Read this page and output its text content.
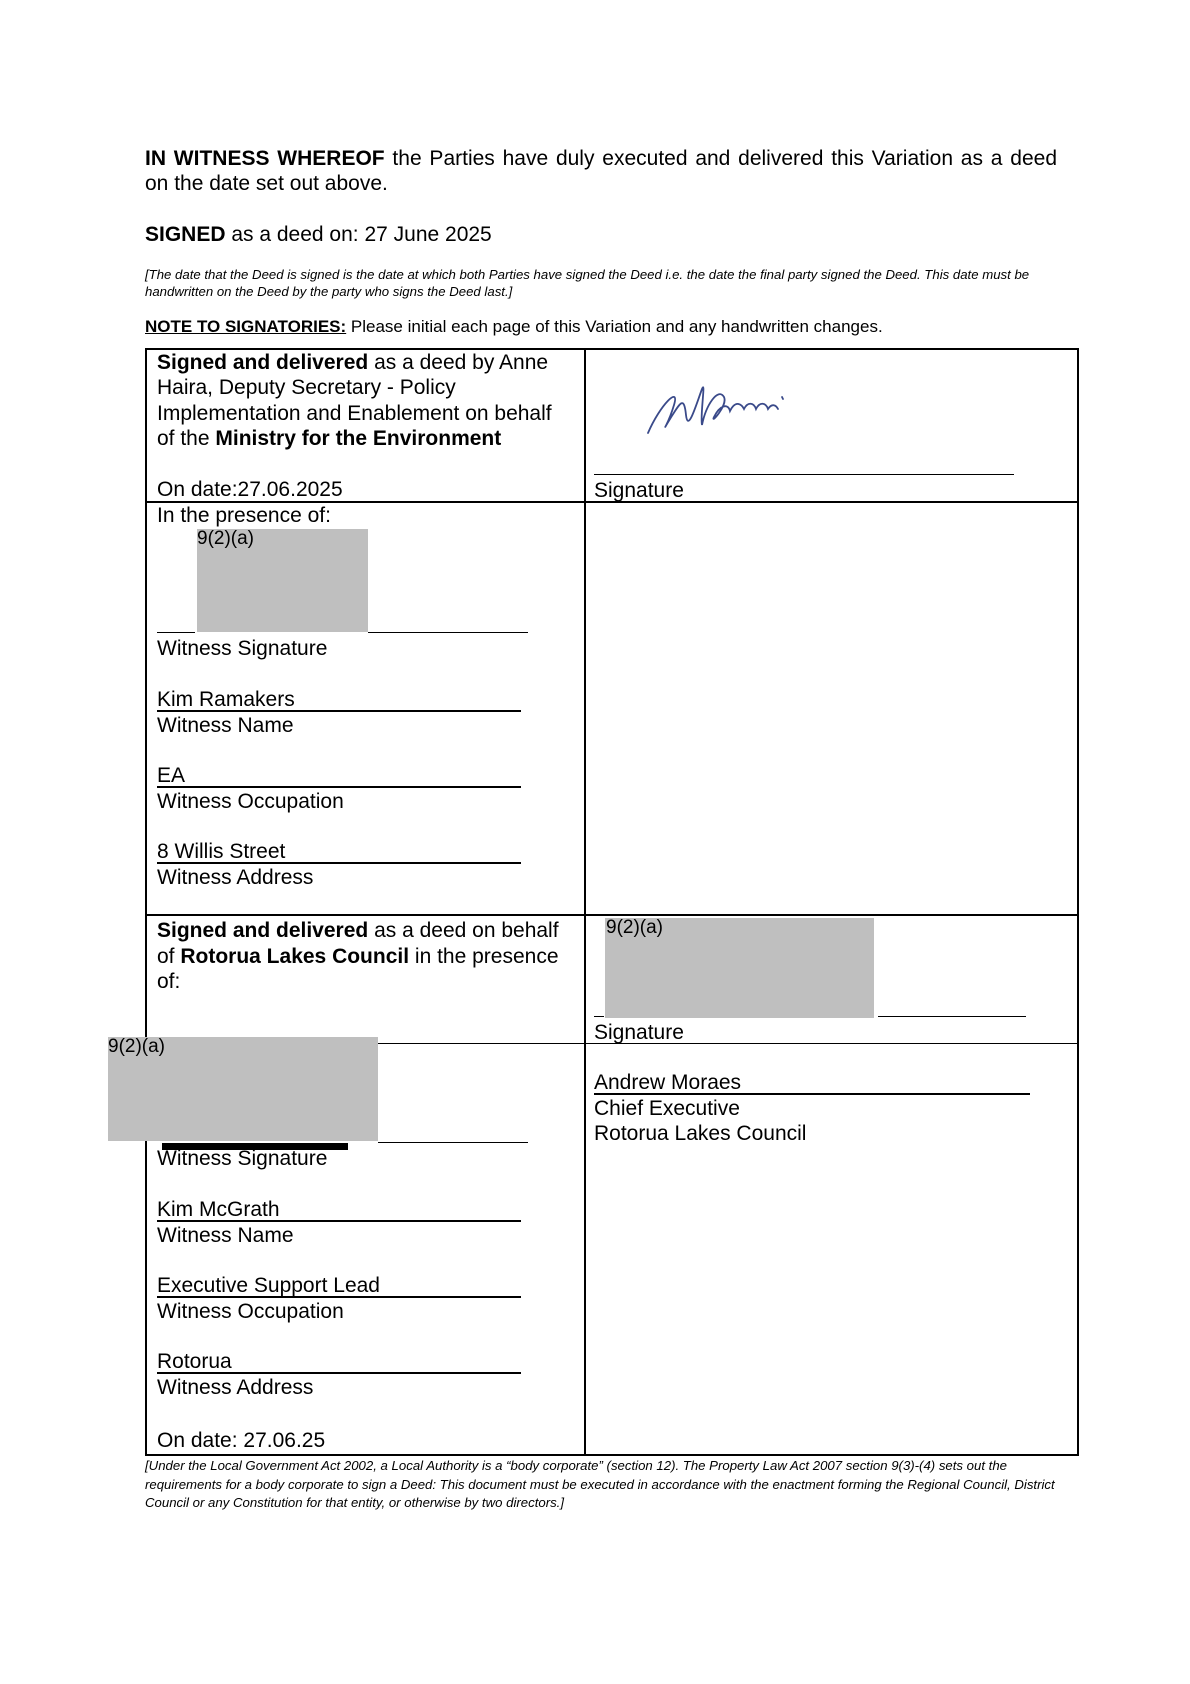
IN WITNESS WHEREOF the Parties have duly executed and delivered this Variation as a deed on the date set out above.
SIGNED as a deed on: 27 June 2025
[The date that the Deed is signed is the date at which both Parties have signed the Deed i.e. the date the final party signed the Deed. This date must be handwritten on the Deed by the party who signs the Deed last.]
NOTE TO SIGNATORIES: Please initial each page of this Variation and any handwritten changes.
Signed and delivered as a deed by Anne
Haira, Deputy Secretary - Policy
Implementation and Enablement on behalf
of the Ministry for the Environment
On date:27.06.2025	Signature
In the presence of:
9(2)(a)
Witness Signature
Kim Ramakers
Witness Name
EA
Witness Occupation
8 Willis Street
Witness Address
Signed and delivered as a deed on behalf
of Rotorua Lakes Council in the presence
of:
9(2)(a)
Signature
Andrew Moraes
Chief Executive
Rotorua Lakes Council
9(2)(a)
Witness Signature
Kim McGrath
Witness Name
Executive Support Lead
Witness Occupation
Rotorua
Witness Address
On date: 27.06.25
[Under the Local Government Act 2002, a Local Authority is a “body corporate” (section 12). The Property Law Act 2007 section 9(3)-(4) sets out the requirements for a body corporate to sign a Deed: This document must be executed in accordance with the enactment forming the Regional Council, District Council or any Constitution for that entity, or otherwise by two directors.]
